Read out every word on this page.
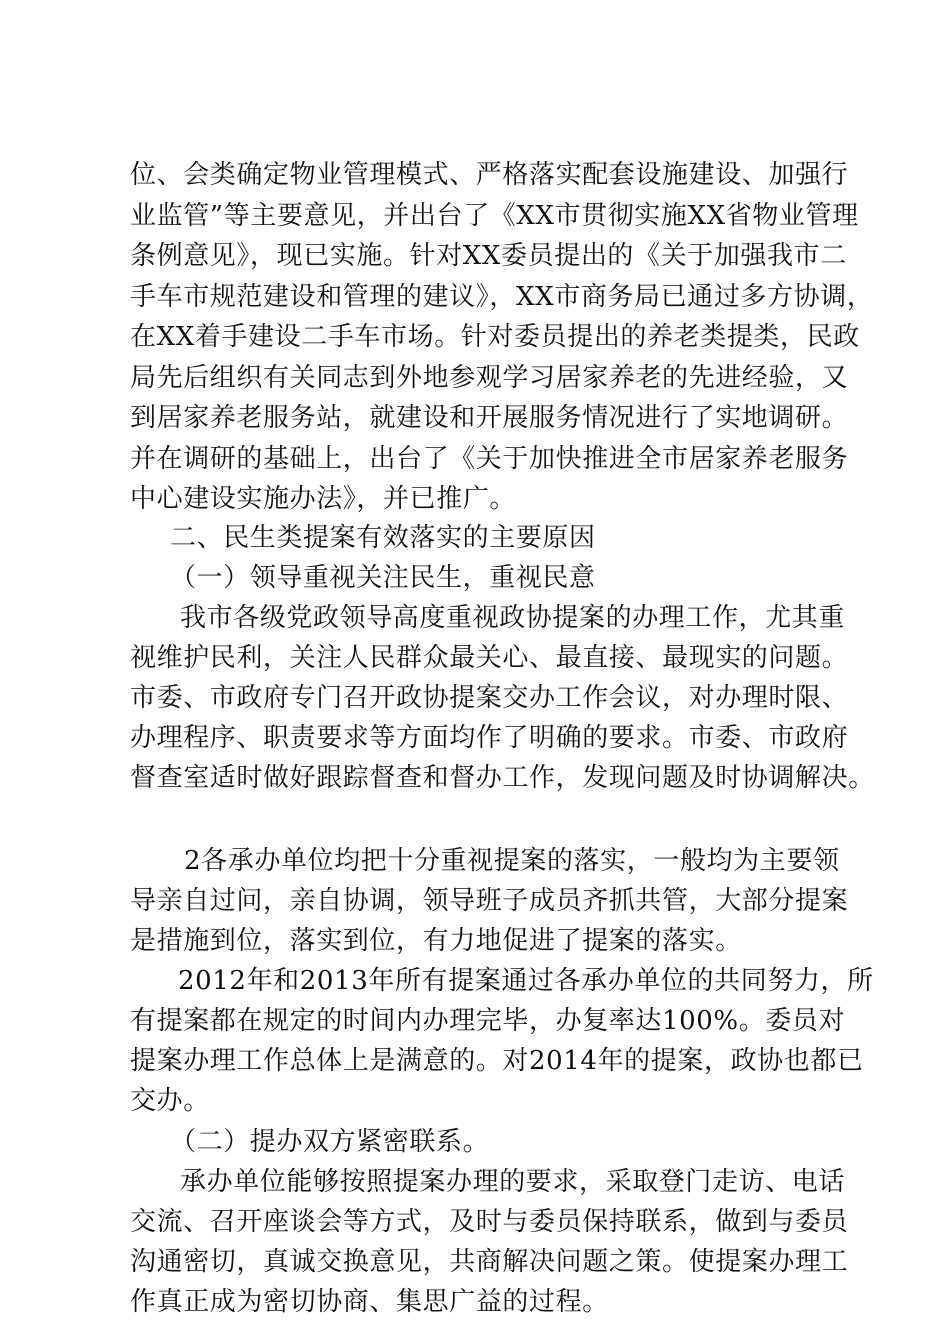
位、会类确定物业管理模式、严格落实配套设施建设、加强行
业监管”等主要意见，并出台了《XX市贯彻实施XX省物业管理
条例意见》，现已实施。针对XX委员提出的《关于加强我市二
手车市规范建设和管理的建议》，XX市商务局已通过多方协调，
在XX着手建设二手车市场。针对委员提出的养老类提类，民政
局先后组织有关同志到外地参观学习居家养老的先进经验，又
到居家养老服务站，就建设和开展服务情况进行了实地调研。
并在调研的基础上，出台了《关于加快推进全市居家养老服务
中心建设实施办法》，并已推广。
二、民生类提案有效落实的主要原因
（一）领导重视关注民生，重视民意
我市各级党政领导高度重视政协提案的办理工作，尤其重
视维护民利，关注人民群众最关心、最直接、最现实的问题。
市委、市政府专门召开政协提案交办工作会议，对办理时限、
办理程序、职责要求等方面均作了明确的要求。市委、市政府
督查室适时做好跟踪督查和督办工作，发现问题及时协调解决。
2各承办单位均把十分重视提案的落实，一般均为主要领
导亲自过问，亲自协调，领导班子成员齐抓共管，大部分提案
是措施到位，落实到位，有力地促进了提案的落实。
2012年和2013年所有提案通过各承办单位的共同努力，所
有提案都在规定的时间内办理完毕，办复率达100%。委员对
提案办理工作总体上是满意的。对2014年的提案，政协也都已
交办。
（二）提办双方紧密联系。
承办单位能够按照提案办理的要求，采取登门走访、电话
交流、召开座谈会等方式，及时与委员保持联系，做到与委员
沟通密切，真诚交换意见，共商解决问题之策。使提案办理工
作真正成为密切协商、集思广益的过程。
